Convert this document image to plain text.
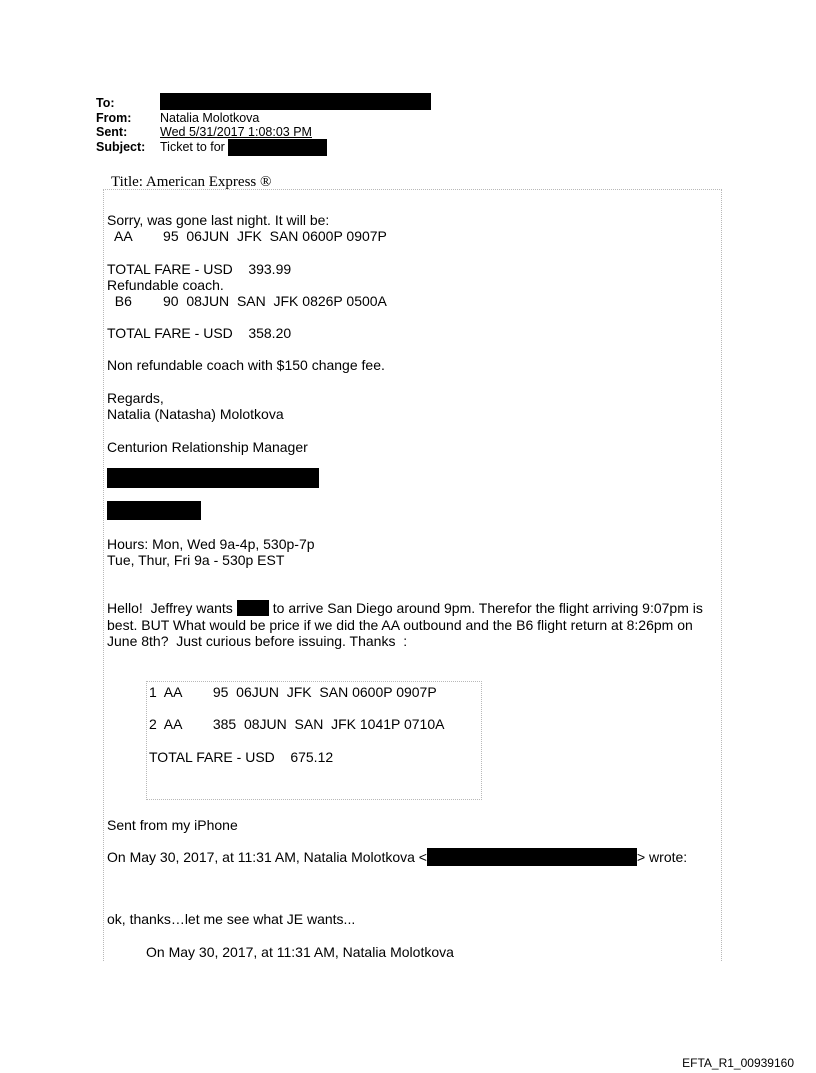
To:
From:	Natalia Molotkova
Sent:	Wed 5/31/2017 1:08:03 PM
Subject:	Ticket to for
Title: American Express ®
Sorry, was gone last night. It will be:
AA        95  06JUN  JFK  SAN 0600P 0907P
TOTAL FARE - USD    393.99
Refundable coach.
B6        90  08JUN  SAN  JFK 0826P 0500A
TOTAL FARE - USD    358.20
Non refundable coach with $150 change fee.
Regards,
Natalia (Natasha) Molotkova
Centurion Relationship Manager
Hours: Mon, Wed 9a-4p, 530p-7p
Tue, Thur, Fri 9a - 530p EST
Hello!  Jeffrey wants	to arrive San Diego around 9pm. Therefor the flight arriving 9:07pm is
best. BUT What would be price if we did the AA outbound and the B6 flight return at 8:26pm on
June 8th?  Just curious before issuing. Thanks  :
1  AA        95  06JUN  JFK  SAN 0600P 0907P
2  AA        385  08JUN  SAN  JFK 1041P 0710A
TOTAL FARE - USD    675.12
Sent from my iPhone
On May 30, 2017, at 11:31 AM, Natalia Molotkova <	> wrote:
ok, thanks…let me see what JE wants...
On May 30, 2017, at 11:31 AM, Natalia Molotkova
EFTA_R1_00939160
